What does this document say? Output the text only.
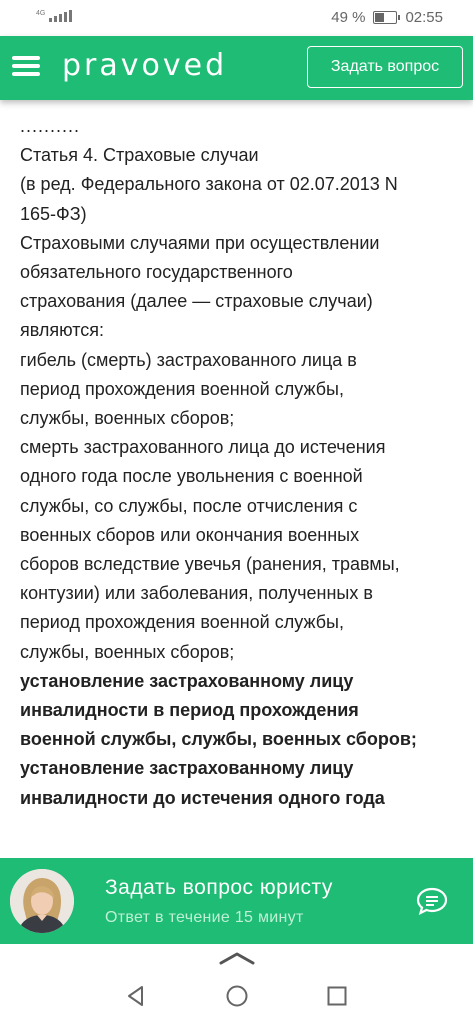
4G	49 %	02:55
pravoved	Задать вопрос

..........

Статья 4. Страховые случаи

(в ред. Федерального закона от 02.07.2013 N

165-ФЗ)

Страховыми случаями при осуществлении

обязательного государственного

страхования (далее — страховые случаи)

являются:

гибель (смерть) застрахованного лица в

период прохождения военной службы,

службы, военных сборов;

смерть застрахованного лица до истечения

одного года после увольнения с военной

службы, со службы, после отчисления с

военных сборов или окончания военных

сборов вследствие увечья (ранения, травмы,

контузии) или заболевания, полученных в

период прохождения военной службы,

службы, военных сборов;

установление застрахованному лицу

инвалидности в период прохождения

военной службы, службы, военных сборов;

установление застрахованному лицу

инвалидности до истечения одного года

Задать вопрос юристу
Ответ в течение 15 минут
